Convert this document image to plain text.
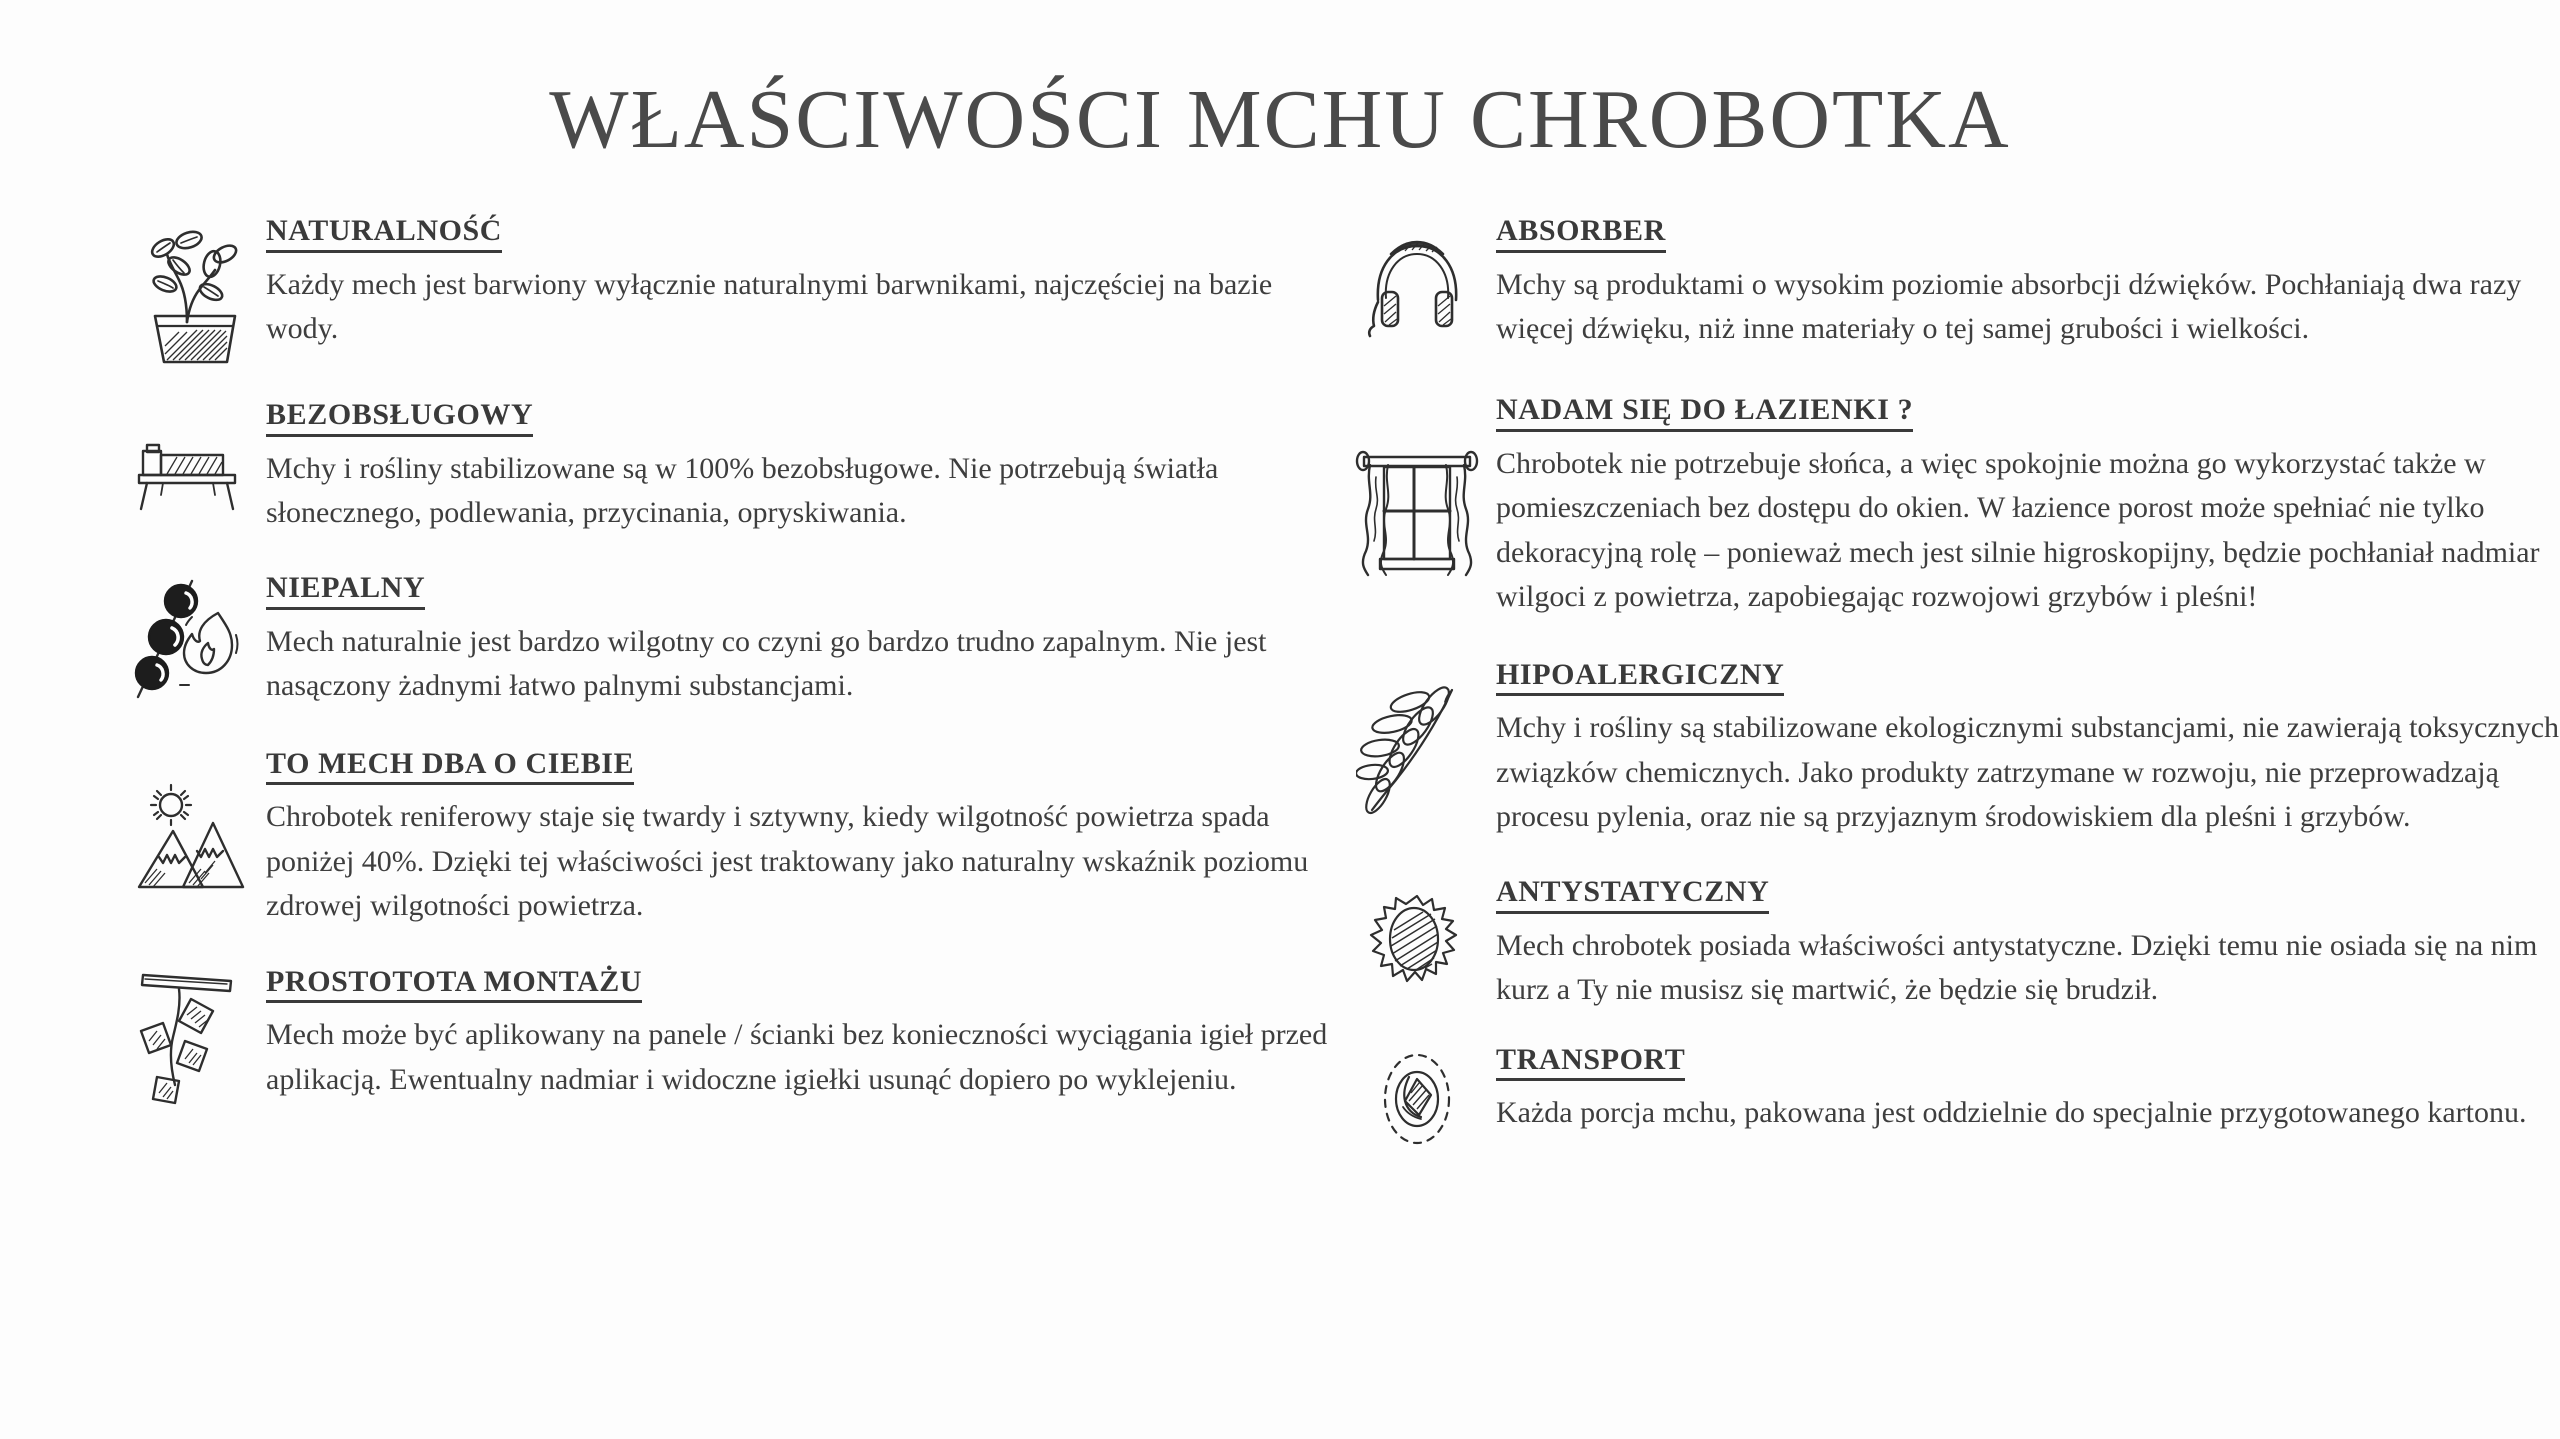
WŁAŚCIWOŚCI MCHU CHROBOTKA
NATURALNOŚĆ

Każdy mech jest barwiony wyłącznie naturalnymi barwnikami, najczęściej na bazie wody.

BEZOBSŁUGOWY

Mchy i rośliny stabilizowane są w 100% bezobsługowe. Nie potrzebują światła słonecznego, podlewania, przycinania, opryskiwania.

NIEPALNY

Mech naturalnie jest bardzo wilgotny co czyni go bardzo trudno zapalnym. Nie jest nasączony żadnymi łatwo palnymi substancjami.

TO MECH DBA O CIEBIE

Chrobotek reniferowy staje się twardy i sztywny, kiedy wilgotność powietrza spada poniżej 40%. Dzięki tej właściwości jest traktowany jako naturalny wskaźnik poziomu zdrowej wilgotności powietrza.

PROSTOTOTA MONTAŻU

Mech może być aplikowany na panele / ścianki bez konieczności wyciągania igieł przed aplikacją. Ewentualny nadmiar i widoczne igiełki usunąć dopiero po wyklejeniu.

ABSORBER

Mchy są produktami o wysokim poziomie absorbcji dźwięków. Pochłaniają dwa razy więcej dźwięku, niż inne materiały o tej samej grubości i wielkości.

NADAM SIĘ DO ŁAZIENKI ?

Chrobotek nie potrzebuje słońca, a więc spokojnie można go wykorzystać także w pomieszczeniach bez dostępu do okien. W łazience porost może spełniać nie tylko dekoracyjną rolę – ponieważ mech jest silnie higroskopijny, będzie pochłaniał nadmiar wilgoci z powietrza, zapobiegając rozwojowi grzybów i pleśni!

HIPOALERGICZNY

Mchy i rośliny są stabilizowane ekologicznymi substancjami, nie zawierają toksycznych związków chemicznych. Jako produkty zatrzymane w rozwoju, nie przeprowadzają procesu pylenia, oraz nie są przyjaznym środowiskiem dla pleśni i grzybów.

ANTYSTATYCZNY

Mech chrobotek posiada właściwości antystatyczne. Dzięki temu nie osiada się na nim kurz a Ty nie musisz się martwić, że będzie się brudził.

TRANSPORT

Każda porcja mchu, pakowana jest oddzielnie do specjalnie przygotowanego kartonu.
